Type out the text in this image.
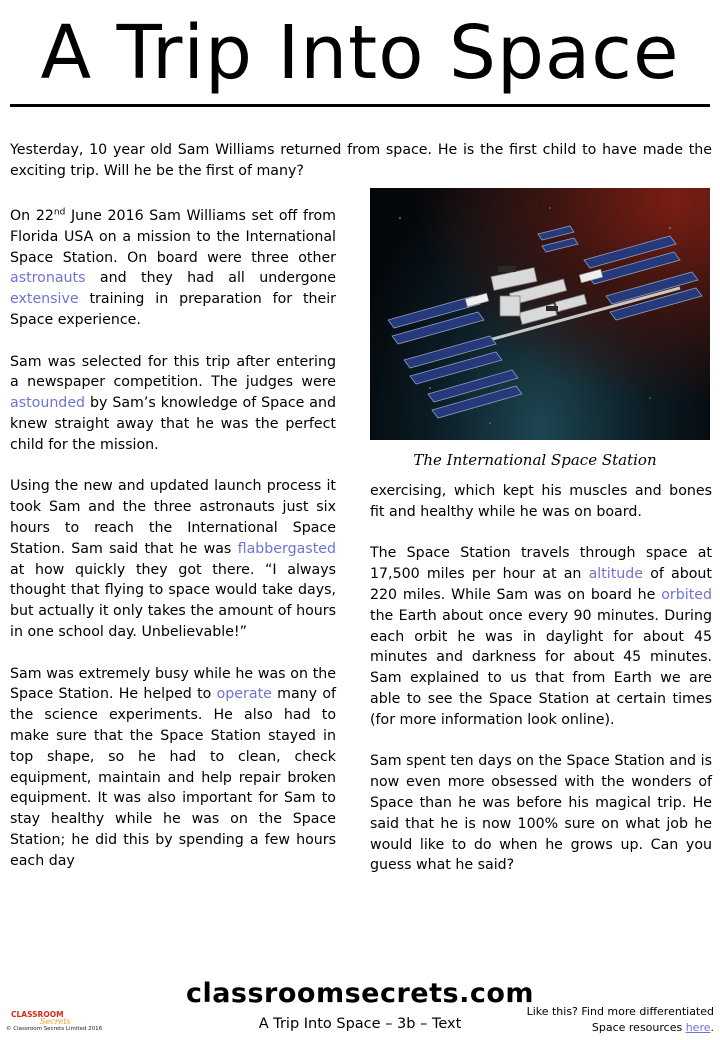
A Trip Into Space
Yesterday, 10 year old Sam Williams returned from space. He is the first child to have made the exciting trip. Will he be the first of many?

On 22nd June 2016 Sam Williams set off from Florida USA on a mission to the International Space Station. On board were three other astronauts and they had all undergone extensive training in preparation for their Space experience.

Sam was selected for this trip after entering a newspaper competition. The judges were astounded by Sam’s knowledge of Space and knew straight away that he was the perfect child for the mission.

Using the new and updated launch process it took Sam and the three astronauts just six hours to reach the International Space Station. Sam said that he was flabbergasted at how quickly they got there. “I always thought that flying to space would take days, but actually it only takes the amount of hours in one school day. Unbelievable!”

Sam was extremely busy while he was on the Space Station. He helped to operate many of the science experiments. He also had to make sure that the Space Station stayed in top shape, so he had to clean, check equipment, maintain and help repair broken equipment. It was also important for Sam to stay healthy while he was on the Space Station; he did this by spending a few hours each day

The International Space Station

exercising, which kept his muscles and bones fit and healthy while he was on board.

The Space Station travels through space at 17,500 miles per hour at an altitude of about 220 miles. While Sam was on board he orbited the Earth about once every 90 minutes. During each orbit he was in daylight for about 45 minutes and darkness for about 45 minutes. Sam explained to us that from Earth we are able to see the Space Station at certain times (for more information look online).

Sam spent ten days on the Space Station and is now even more obsessed with the wonders of Space than he was before his magical trip. He said that he is now 100% sure on what job he would like to do when he grows up. Can you guess what he said?

CLASSROOM
Secrets
© Classroom Secrets Limited 2016
classroomsecrets.com
A Trip Into Space – 3b – Text
Like this? Find more differentiated
Space resources here.
